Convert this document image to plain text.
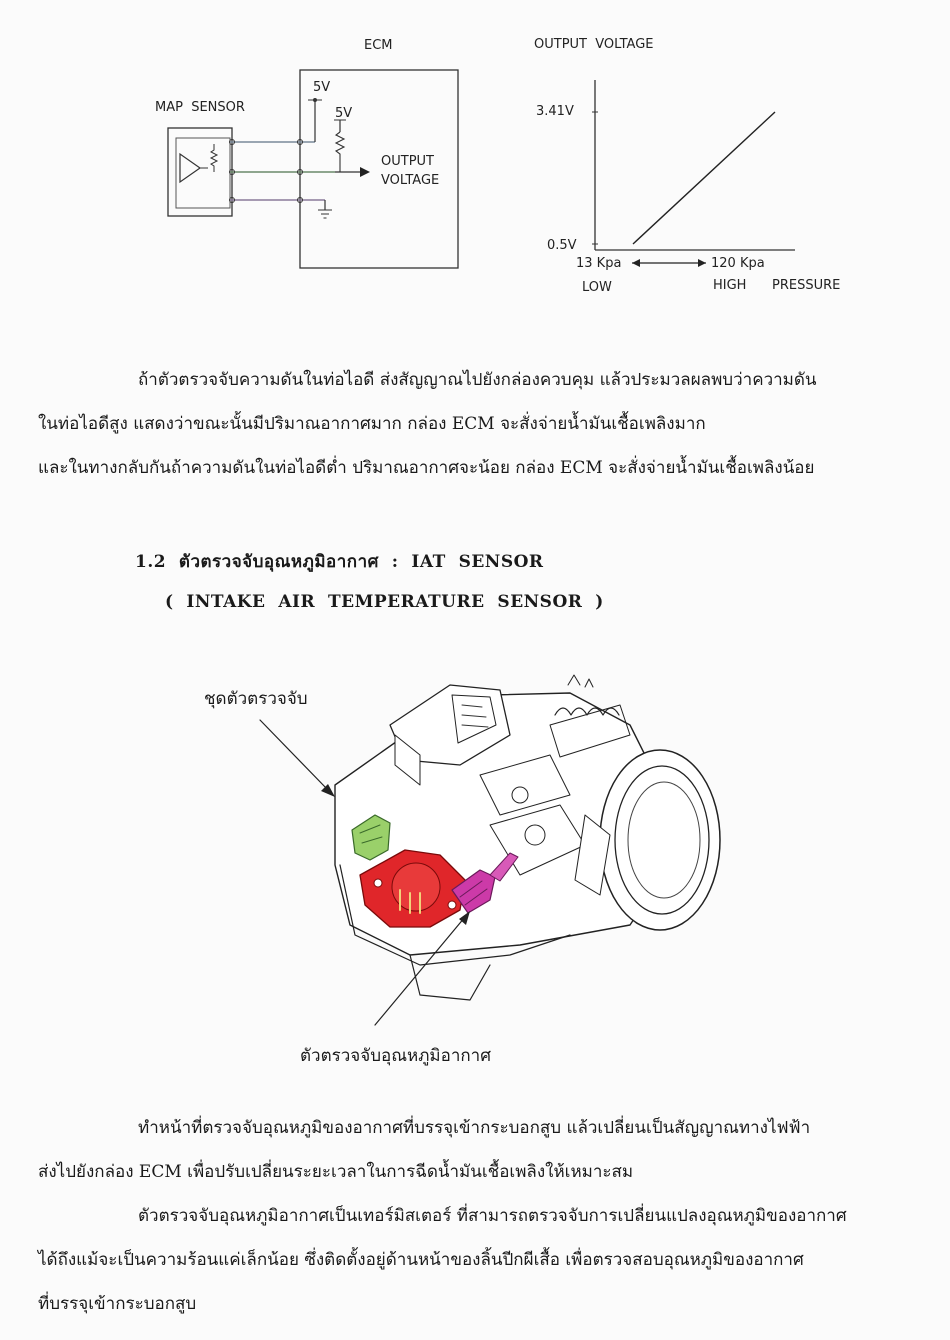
ECM
MAP  SENSOR
5V
5V
OUTPUT
VOLTAGE
OUTPUT  VOLTAGE
3.41V
0.5V
13 Kpa	120 Kpa
LOW	HIGH PRESSURE
ถ้าตัวตรวจจับความดันในท่อไอดี ส่งสัญญาณไปยังกล่องควบคุม แล้วประมวลผลพบว่าความดัน
ในท่อไอดีสูง แสดงว่าขณะนั้นมีปริมาณอากาศมาก กล่อง ECM จะสั่งจ่ายน้ำมันเชื้อเพลิงมาก
และในทางกลับกันถ้าความดันในท่อไอดีต่ำ ปริมาณอากาศจะน้อย กล่อง ECM จะสั่งจ่ายน้ำมันเชื้อเพลิงน้อย
1.2  ตัวตรวจจับอุณหภูมิอากาศ  :  IAT  SENSOR
(  INTAKE  AIR  TEMPERATURE  SENSOR  )
ชุดตัวตรวจจับ
ตัวตรวจจับอุณหภูมิอากาศ
ทำหน้าที่ตรวจจับอุณหภูมิของอากาศที่บรรจุเข้ากระบอกสูบ แล้วเปลี่ยนเป็นสัญญาณทางไฟฟ้า
ส่งไปยังกล่อง ECM เพื่อปรับเปลี่ยนระยะเวลาในการฉีดน้ำมันเชื้อเพลิงให้เหมาะสม
ตัวตรวจจับอุณหภูมิอากาศเป็นเทอร์มิสเตอร์ ที่สามารถตรวจจับการเปลี่ยนแปลงอุณหภูมิของอากาศ
ได้ถึงแม้จะเป็นความร้อนแค่เล็กน้อย ซึ่งติดตั้งอยู่ด้านหน้าของลิ้นปีกผีเสื้อ เพื่อตรวจสอบอุณหภูมิของอากาศ
ที่บรรจุเข้ากระบอกสูบ
